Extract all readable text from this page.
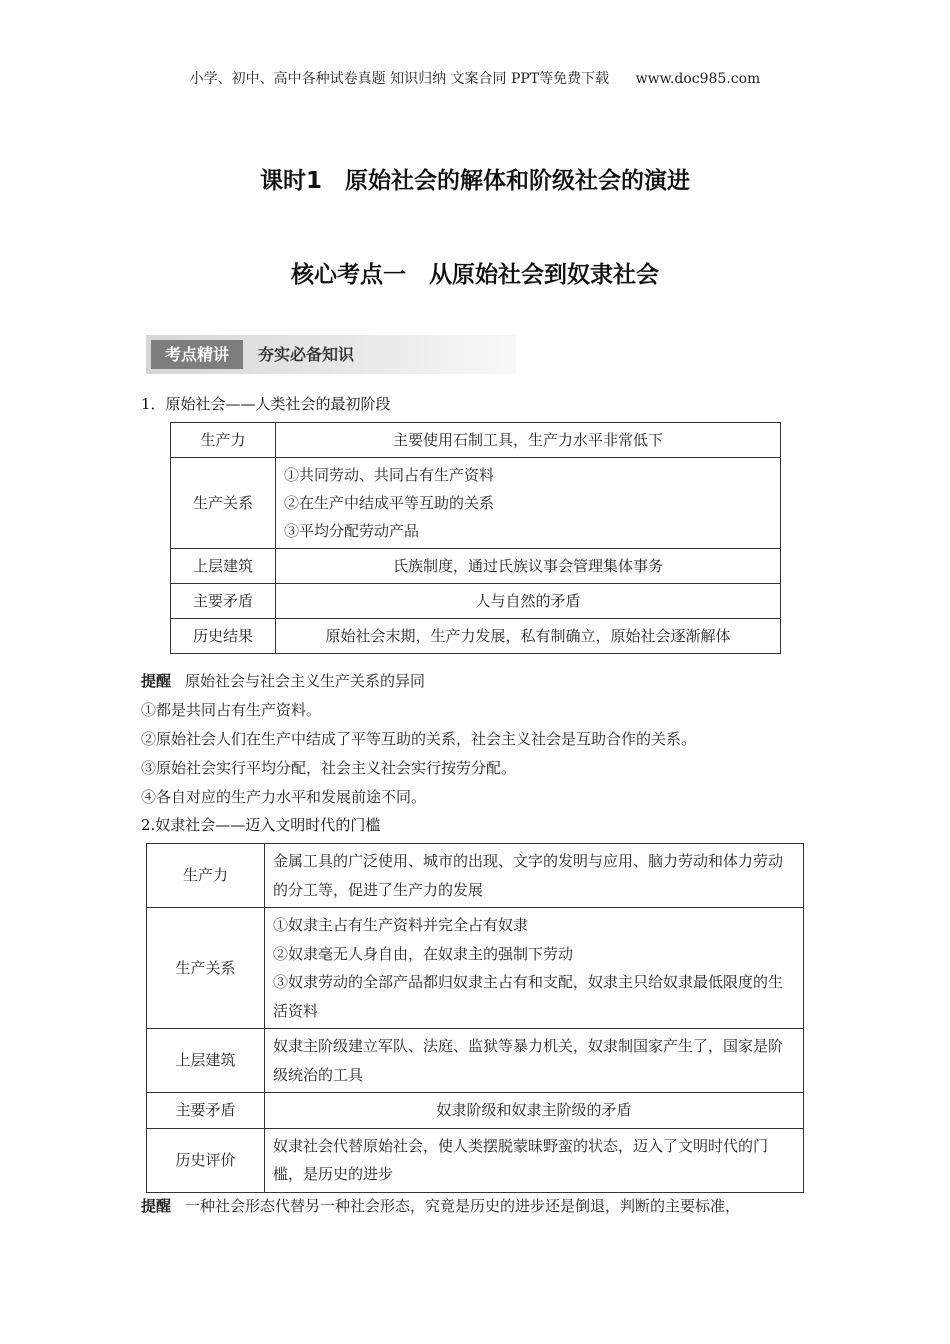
小学、初中、高中各种试卷真题 知识归纳 文案合同 PPT等免费下载 www.doc985.com
课时1　原始社会的解体和阶级社会的演进
核心考点一　从原始社会到奴隶社会
考点精讲	夯实必备知识
1．原始社会——人类社会的最初阶段
生产力	主要使用石制工具，生产力水平非常低下

生产关系	①共同劳动、共同占有生产资料
②在生产中结成平等互助的关系
③平均分配劳动产品

上层建筑	氏族制度，通过氏族议事会管理集体事务

主要矛盾	人与自然的矛盾

历史结果	原始社会末期，生产力发展，私有制确立，原始社会逐渐解体
提醒 原始社会与社会主义生产关系的异同
①都是共同占有生产资料。
②原始社会人们在生产中结成了平等互助的关系，社会主义社会是互助合作的关系。
③原始社会实行平均分配，社会主义社会实行按劳分配。
④各自对应的生产力水平和发展前途不同。
2.奴隶社会——迈入文明时代的门槛
生产力	金属工具的广泛使用、城市的出现、文字的发明与应用、脑力劳动和体力劳动的分工等，促进了生产力的发展

生产关系	①奴隶主占有生产资料并完全占有奴隶
②奴隶毫无人身自由，在奴隶主的强制下劳动
③奴隶劳动的全部产品都归奴隶主占有和支配，奴隶主只给奴隶最低限度的生活资料

上层建筑	奴隶主阶级建立军队、法庭、监狱等暴力机关，奴隶制国家产生了，国家是阶级统治的工具

主要矛盾	奴隶阶级和奴隶主阶级的矛盾

历史评价	奴隶社会代替原始社会，使人类摆脱蒙昧野蛮的状态，迈入了文明时代的门槛，是历史的进步
提醒 一种社会形态代替另一种社会形态，究竟是历史的进步还是倒退，判断的主要标准，
